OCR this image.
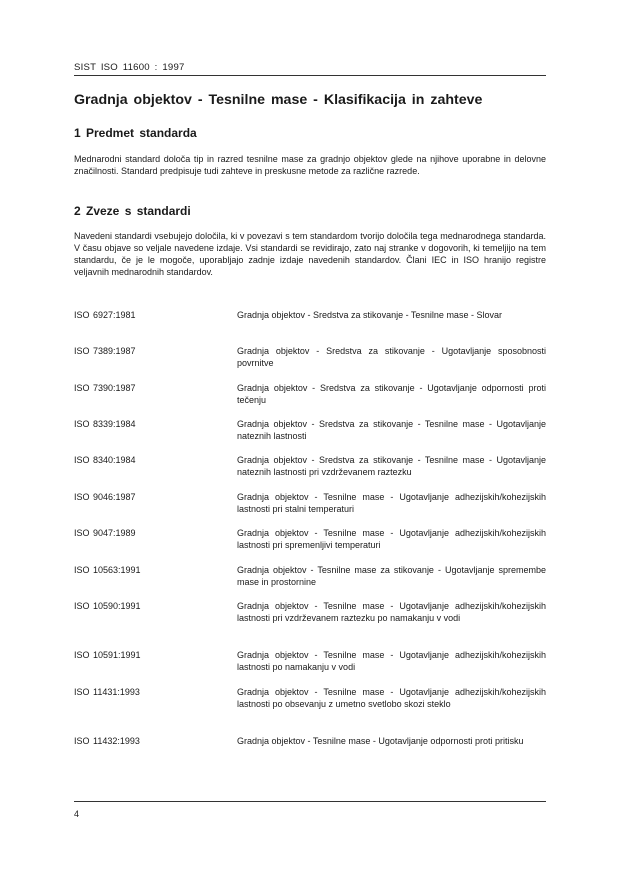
SIST ISO 11600 : 1997
Gradnja objektov - Tesnilne mase - Klasifikacija in zahteve
1 Predmet standarda
Mednarodni standard določa tip in razred tesnilne mase za gradnjo objektov glede na njihove uporabne in delovne značilnosti. Standard predpisuje tudi zahteve in preskusne metode za različne razrede.
2 Zveze s standardi
Navedeni standardi vsebujejo določila, ki v povezavi s tem standardom tvorijo določila tega mednarodnega standarda. V času objave so veljale navedene izdaje. Vsi standardi se revidirajo, zato naj stranke v dogovorih, ki temeljijo na tem standardu, če je le mogoče, uporabljajo zadnje izdaje navedenih standardov. Člani IEC in ISO hranijo registre veljavnih mednarodnih standardov.
ISO 6927:1981	Gradnja objektov - Sredstva za stikovanje - Tesnilne mase - Slovar
ISO 7389:1987	Gradnja objektov - Sredstva za stikovanje - Ugotavljanje sposobnosti povrnitve
ISO 7390:1987	Gradnja objektov - Sredstva za stikovanje - Ugotavljanje odpornosti proti tečenju
ISO 8339:1984	Gradnja objektov - Sredstva za stikovanje - Tesnilne mase - Ugotavljanje nateznih lastnosti
ISO 8340:1984	Gradnja objektov - Sredstva za stikovanje - Tesnilne mase - Ugotavljanje nateznih lastnosti pri vzdrževanem raztezku
ISO 9046:1987	Gradnja objektov - Tesnilne mase - Ugotavljanje adhezijskih/kohezijskih lastnosti pri stalni temperaturi
ISO 9047:1989	Gradnja objektov - Tesnilne mase - Ugotavljanje adhezijskih/kohezijskih lastnosti pri spremenljivi temperaturi
ISO 10563:1991	Gradnja objektov - Tesnilne mase za stikovanje - Ugotavljanje spremembe mase in prostornine
ISO 10590:1991	Gradnja objektov - Tesnilne mase - Ugotavljanje adhezijskih/kohezijskih lastnosti pri vzdrževanem raztezku po namakanju v vodi
ISO 10591:1991	Gradnja objektov - Tesnilne mase - Ugotavljanje adhezijskih/kohezijskih lastnosti po namakanju v vodi
ISO 11431:1993	Gradnja objektov - Tesnilne mase - Ugotavljanje adhezijskih/kohezijskih lastnosti po obsevanju z umetno svetlobo skozi steklo
ISO 11432:1993	Gradnja objektov - Tesnilne mase - Ugotavljanje odpornosti proti pritisku
4
